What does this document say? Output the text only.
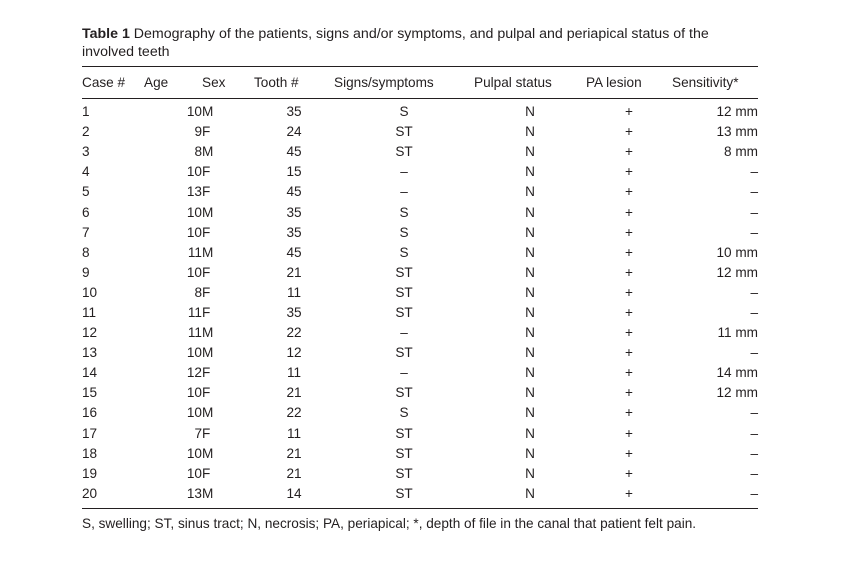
Table 1 Demography of the patients, signs and/or symptoms, and pulpal and periapical status of the involved teeth
Case #	Age	Sex	Tooth #	Signs/symptoms	Pulpal status	PA lesion	Sensitivity*
1	10	M	35	S	N	+	12 mm
2	9	F	24	ST	N	+	13 mm
3	8	M	45	ST	N	+	8 mm
4	10	F	15	–	N	+	–
5	13	F	45	–	N	+	–
6	10	M	35	S	N	+	–
7	10	F	35	S	N	+	–
8	11	M	45	S	N	+	10 mm
9	10	F	21	ST	N	+	12 mm
10	8	F	11	ST	N	+	–
11	11	F	35	ST	N	+	–
12	11	M	22	–	N	+	11 mm
13	10	M	12	ST	N	+	–
14	12	F	11	–	N	+	14 mm
15	10	F	21	ST	N	+	12 mm
16	10	M	22	S	N	+	–
17	7	F	11	ST	N	+	–
18	10	M	21	ST	N	+	–
19	10	F	21	ST	N	+	–
20	13	M	14	ST	N	+	–
S, swelling; ST, sinus tract; N, necrosis; PA, periapical; *, depth of file in the canal that patient felt pain.
